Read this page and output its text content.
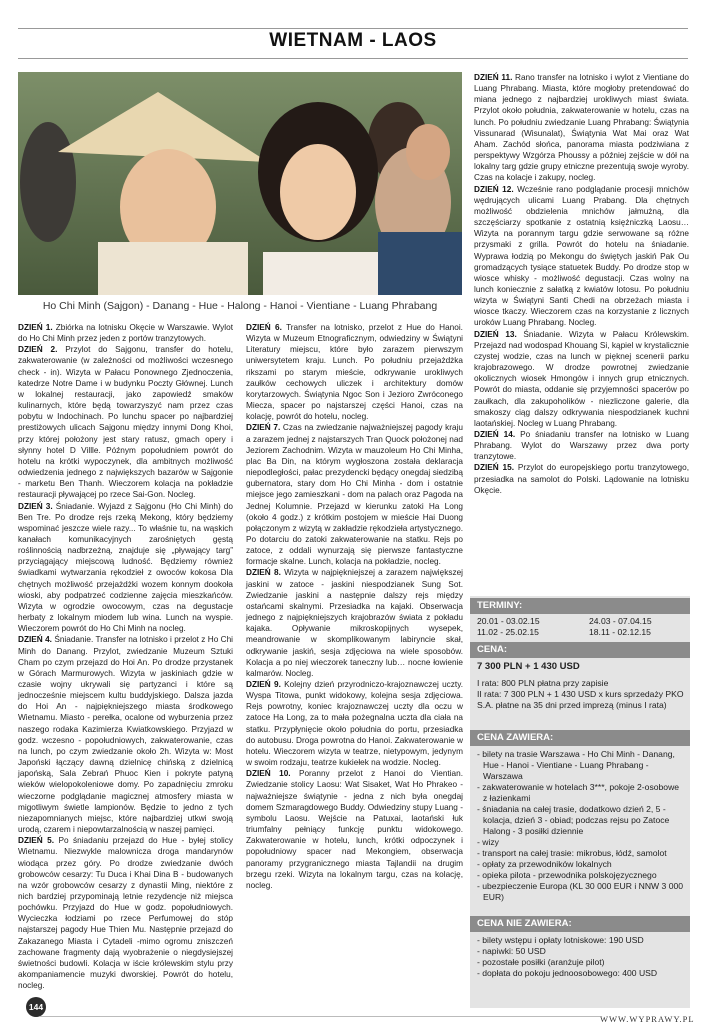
WIETNAM - LAOS
Ho Chi Minh (Sajgon) - Danang - Hue - Halong - Hanoi - Vientiane - Luang Phrabang

DZIEŃ 1. Zbiórka na lotnisku Okęcie w Warszawie. Wylot do Ho Chi Minh przez jeden z portów tranzytowych.

DZIEŃ 2. Przylot do Sajgonu, transfer do hotelu, zakwaterowanie (w zależności od możliwości wczesnego check - in). Wizyta w Pałacu Ponownego Zjednoczenia, katedrze Notre Dame i w budynku Poczty Głównej. Lunch w lokalnej restauracji, jako zapowiedź smaków kulinarnych, które będą towarzyszyć nam przez czas pobytu w Indochinach. Po lunchu spacer po najbardziej prestiżowych ulicach Sajgonu między innymi Dong Khoi, przy której położony jest stary ratusz, gmach opery i słynny hotel D Villle. Późnym popołudniem powrót do hotelu na krótki wypoczynek, dla ambitnych możliwość odwiedzenia jednego z największych bazarów w Sajgonie - marketu Ben Thanh. Wieczorem kolacja na pokładzie restauracji pływającej po rzece Sai-Gon. Nocleg.

DZIEŃ 3. Śniadanie. Wyjazd z Sajgonu (Ho Chi Minh) do Ben Tre. Po drodze rejs rzeką Mekong, który będziemy wspominać jeszcze wiele razy... To właśnie tu, na wąskich kanałach komunikacyjnych zarośniętych gęstą roślinnością nadbrzeżną, znajduje się „pływający targ” przyciągający miejscową ludność. Będziemy również świadkami wytwarzania rękodzieł z owoców kokosa Dla chętnych możliwość przejażdżki wozem konnym dookoła wioski, aby podpatrzeć codzienne zajęcia mieszkańców. Wizyta w ogrodzie owocowym, czas na degustacje herbaty z lokalnym miodem lub wina. Lunch na wyspie. Wieczorem powrót do Ho Chi Minh na nocleg.

DZIEŃ 4. Śniadanie. Transfer na lotnisko i przelot z Ho Chi Minh do Danang. Przylot, zwiedzanie Muzeum Sztuki Cham po czym przejazd do Hoi An. Po drodze przystanek w Górach Marmurowych. Wizyta w jaskiniach gdzie w czasie wojny ukrywali się partyzanci i które są jednocześnie miejscem kultu buddyjskiego. Dalsza jazda do Hoi An - najpiękniejszego miasta środkowego Wietnamu. Miasto - perełka, ocalone od wyburzenia przez naszego rodaka Kazimierza Kwiatkowskiego. Przyjazd w godz. wczesno - popołudniowych, zakwaterowanie, czas na lunch, po czym zwiedzanie około 2h. Wizyta w: Most Japoński łączący dawną dzielnicę chińską z dzielnicą japońską, Sala Zebrań Phuoc Kien i pokryte patyną wieków wielopokoleniowe domy. Po zapadnięciu zmroku wieczorne podglądanie magicznej atmosfery miasta w migotliwym świetle lampionów. Będzie to jedno z tych niezapomnianych miejsc, które najbardziej utkwi swoją urodą, czarem i niepowtarzalnością w naszej pamięci.

DZIEŃ 5. Po śniadaniu przejazd do Hue - byłej stolicy Wietnamu. Niezwykle malownicza droga mandarynów wiodąca przez góry. Po drodze zwiedzanie dwóch grobowców cesarzy: Tu Duca i Khai Dina B - budowanych na wzór grobowców cesarzy z dynastii Ming, niektóre z nich bardziej przypominają letnie rezydencje niż miejsca pochówku. Przyjazd do Hue w godz. popołudniowych. Wycieczka łodziami po rzece Perfumowej do stóp najstarszej pagody Hue Thien Mu. Następnie przejazd do Zakazanego Miasta i Cytadeli -mimo ogromu zniszczeń zachowane fragmenty dają wyobrażenie o niegdysiejszej świetności budowli. Kolacja w iście królewskim stylu przy akompaniamencie muzyki dworskiej. Powrót do hotelu, nocleg.

DZIEŃ 6. Transfer na lotnisko, przelot z Hue do Hanoi. Wizyta w Muzeum Etnograficznym, odwiedziny w Świątyni Literatury miejscu, które było zarazem pierwszym uniwersytetem kraju. Lunch. Po południu przejażdżka rikszami po starym mieście, odkrywanie urokliwych zaułków cechowych uliczek i architektury domów korytarzowych. Świątynia Ngoc Son i Jezioro Zwróconego Miecza, spacer po najstarszej części Hanoi, czas na kolację, powrót do hotelu, nocleg.

DZIEŃ 7. Czas na zwiedzanie najważniejszej pagody kraju a zarazem jednej z najstarszych Tran Quock położonej nad Jeziorem Zachodnim. Wizyta w mauzoleum Ho Chi Minha, plac Ba Din, na którym wygłoszona została deklaracja niepodległości, pałac prezydencki będący onegdaj siedzibą gubernatora, stary dom Ho Chi Minha - dom i ostatnie miejsce jego zamieszkani - dom na palach oraz Pagoda na Jednej Kolumnie. Przejazd w kierunku zatoki Ha Long (około 4 godz.) z krótkim postojem w mieście Hai Duong połączonym z wizytą w zakładzie rękodzieła artystycznego. Po dotarciu do zatoki zakwaterowanie na statku. Rejs po zatoce, z oddali wynurzają się pierwsze fantastyczne formacje skalne. Lunch, kolacja na pokładzie, nocleg.

DZIEŃ 8. Wizyta w najpiękniejszej a zarazem największej jaskini w zatoce - jaskini niespodzianek Sung Sot. Zwiedzanie jaskini a następnie dalszy rejs między ostańcami skalnymi. Przesiadka na kajaki. Obserwacja jednego z najpiękniejszych krajobrazów świata z pokładu kajaka. Opływanie mikroskopijnych wysepek, meandrowanie w skomplikowanym labiryncie skał, odkrywanie jaskiń, sesja zdjęciowa na wiele sposobów. Kolacja a po niej wieczorek taneczny lub… nocne łowienie kalmarów. Nocleg.

DZIEŃ 9. Kolejny dzień przyrodniczo-krajoznawczej uczty. Wyspa Titowa, punkt widokowy, kolejna sesja zdjęciowa. Rejs powrotny, koniec krajoznawczej uczty dla oczu w zatoce Ha Long, za to mała pożegnalna uczta dla ciała na statku. Przypłynięcie około południa do portu, przesiadka do autobusu. Droga powrotna do Hanoi. Zakwaterowanie w hotelu. Wieczorem wizyta w teatrze, nietypowym, jedynym w swoim rodzaju, teatrze kukiełek na wodzie. Nocleg.

DZIEŃ 10. Poranny przelot z Hanoi do Vientian. Zwiedzanie stolicy Laosu: Wat Sisaket, Wat Ho Phrakeo - najważniejsze świątynie - jedna z nich była onegdaj domem Szmaragdowego Buddy. Odwiedziny stupy Luang - symbolu Laosu. Wejście na Patuxai, laotański łuk triumfalny pełniący funkcję punktu widokowego. Zakwaterowanie w hotelu, lunch, krótki odpoczynek i popołudniowy spacer nad Mekongiem, obserwacja panoramy przygranicznego miasta Tajlandii na drugim brzegu rzeki. Wizyta na lokalnym targu, czas na kolację, nocleg.

DZIEŃ 11. Rano transfer na lotnisko i wylot z Vientiane do Luang Phrabang. Miasta, które mogłoby pretendować do miana jednego z najbardziej urokliwych miast świata. Przylot około południa, zakwaterowanie w hotelu, czas na lunch. Po południu zwiedzanie Luang Phrabang: Świątynia Vissunarad (Wisunalat), Świątynia Wat Mai oraz Wat Aham. Zachód słońca, panorama miasta podziwiana z perspektywy Wzgórza Phoussy a później zejście w dół na lokalny targ gdzie grupy etniczne prezentują swoje wyroby. Czas na kolacje i zakupy, nocleg.

DZIEŃ 12. Wcześnie rano podglądanie procesji mnichów wędrujących ulicami Luang Prabang. Dla chętnych możliwość obdzielenia mnichów jałmużną, dla szczęściarzy spotkanie z ostatnią księżniczką Laosu… Wizyta na porannym targu gdzie serwowane są różne przysmaki z grilla. Powrót do hotelu na śniadanie. Wyprawa łodzią po Mekongu do świętych jaskiń Pak Ou gromadzących tysiące statuetek Buddy. Po drodze stop w wiosce whisky - możliwość degustacji. Czas wolny na lunch koniecznie z sałatką z kwiatów lotosu. Po południu wizyta w Świątyni Santi Chedi na obrzeżach miasta i wiosce tkaczy. Wieczorem czas na korzystanie z licznych uroków Luang Phrabang. Nocleg.

DZIEŃ 13. Śniadanie. Wizyta w Pałacu Królewskim. Przejazd nad wodospad Khouang Si, kąpiel w krystalicznie czystej wodzie, czas na lunch w pięknej scenerii parku krajobrazowego. W drodze powrotnej zwiedzanie okolicznych wiosek Hmongów i innych grup etnicznych. Powrót do miasta, oddanie się przyjemności spacerów po zaułkach, dla zakupoholików - niezliczone galerie, dla smakoszy ciąg dalszy odkrywania niespodzianek kuchni laotańskiej. Nocleg w Luang Phrabang.

DZIEŃ 14. Po śniadaniu transfer na lotnisko w Luang Phrabang. Wylot do Warszawy przez dwa porty tranzytowe.

DZIEŃ 15. Przylot do europejskiego portu tranzytowego, przesiadka na samolot do Polski. Lądowanie na lotnisku Okęcie.

TERMINY:
20.01 - 03.02.15	24.03 - 07.04.15
11.02 - 25.02.15	18.11 - 02.12.15
CENA:
7 300 PLN + 1 430 USD
I rata: 800 PLN płatna przy zapisie
II rata: 7 300 PLN + 1 430 USD x kurs sprzedaży PKO S.A. płatne na 35 dni przed imprezą (minus I rata)
CENA ZAWIERA:
- bilety na trasie Warszawa - Ho Chi Minh - Danang, Hue - Hanoi - Vientiane - Luang Phrabang - Warszawa
- zakwaterowanie w hotelach 3***, pokoje 2-osobowe z łazienkami
- śniadania na całej trasie, dodatkowo dzień 2, 5 - kolacja, dzień 3 - obiad; podczas rejsu po Zatoce Halong - 3 posiłki dziennie
- wizy
- transport na całej trasie: mikrobus, łódź, samolot
- opłaty za przewodników lokalnych
- opieka pilota - przewodnika polskojęzycznego
- ubezpieczenie Europa (KL 30 000 EUR i NNW 3 000 EUR)
CENA NIE ZAWIERA:
- bilety wstępu i opłaty lotniskowe: 190 USD
- napiwki: 50 USD
- pozostałe posiłki (aranżuje pilot)
- dopłata do pokoju jednoosobowego: 400 USD
144
WWW.WYPRAWY.PL
